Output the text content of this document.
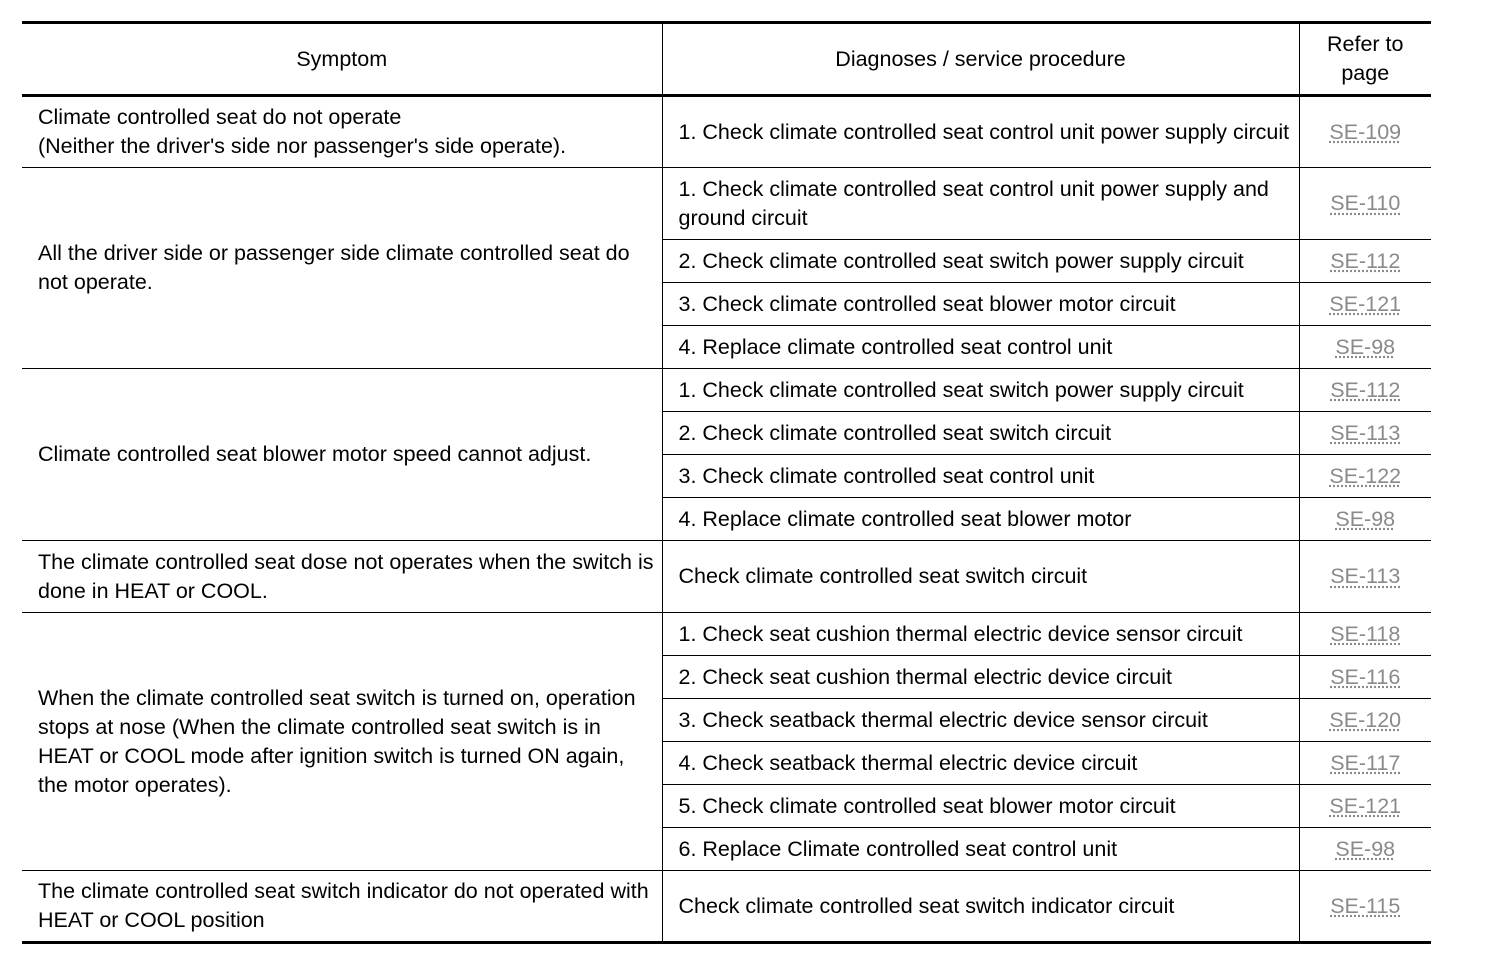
Symptom	Diagnoses / service procedure	Refer to page
Climate controlled seat do not operate
(Neither the driver's side nor passenger's side operate).	1. Check climate controlled seat control unit power supply circuit	SE-109
All the driver side or passenger side climate controlled seat do not operate.	1. Check climate controlled seat control unit power supply and ground circuit	SE-110
	2. Check climate controlled seat switch power supply circuit	SE-112
	3. Check climate controlled seat blower motor circuit	SE-121
	4. Replace climate controlled seat control unit	SE-98
Climate controlled seat blower motor speed cannot adjust.	1. Check climate controlled seat switch power supply circuit	SE-112
	2. Check climate controlled seat switch circuit	SE-113
	3. Check climate controlled seat control unit	SE-122
	4. Replace climate controlled seat blower motor	SE-98
The climate controlled seat dose not operates when the switch is done in HEAT or COOL.	Check climate controlled seat switch circuit	SE-113
When the climate controlled seat switch is turned on, operation stops at nose (When the climate controlled seat switch is in HEAT or COOL mode after ignition switch is turned ON again, the motor operates).	1. Check seat cushion thermal electric device sensor circuit	SE-118
	2. Check seat cushion thermal electric device circuit	SE-116
	3. Check seatback thermal electric device sensor circuit	SE-120
	4. Check seatback thermal electric device circuit	SE-117
	5. Check climate controlled seat blower motor circuit	SE-121
	6. Replace Climate controlled seat control unit	SE-98
The climate controlled seat switch indicator do not operated with HEAT or COOL position	Check climate controlled seat switch indicator circuit	SE-115
